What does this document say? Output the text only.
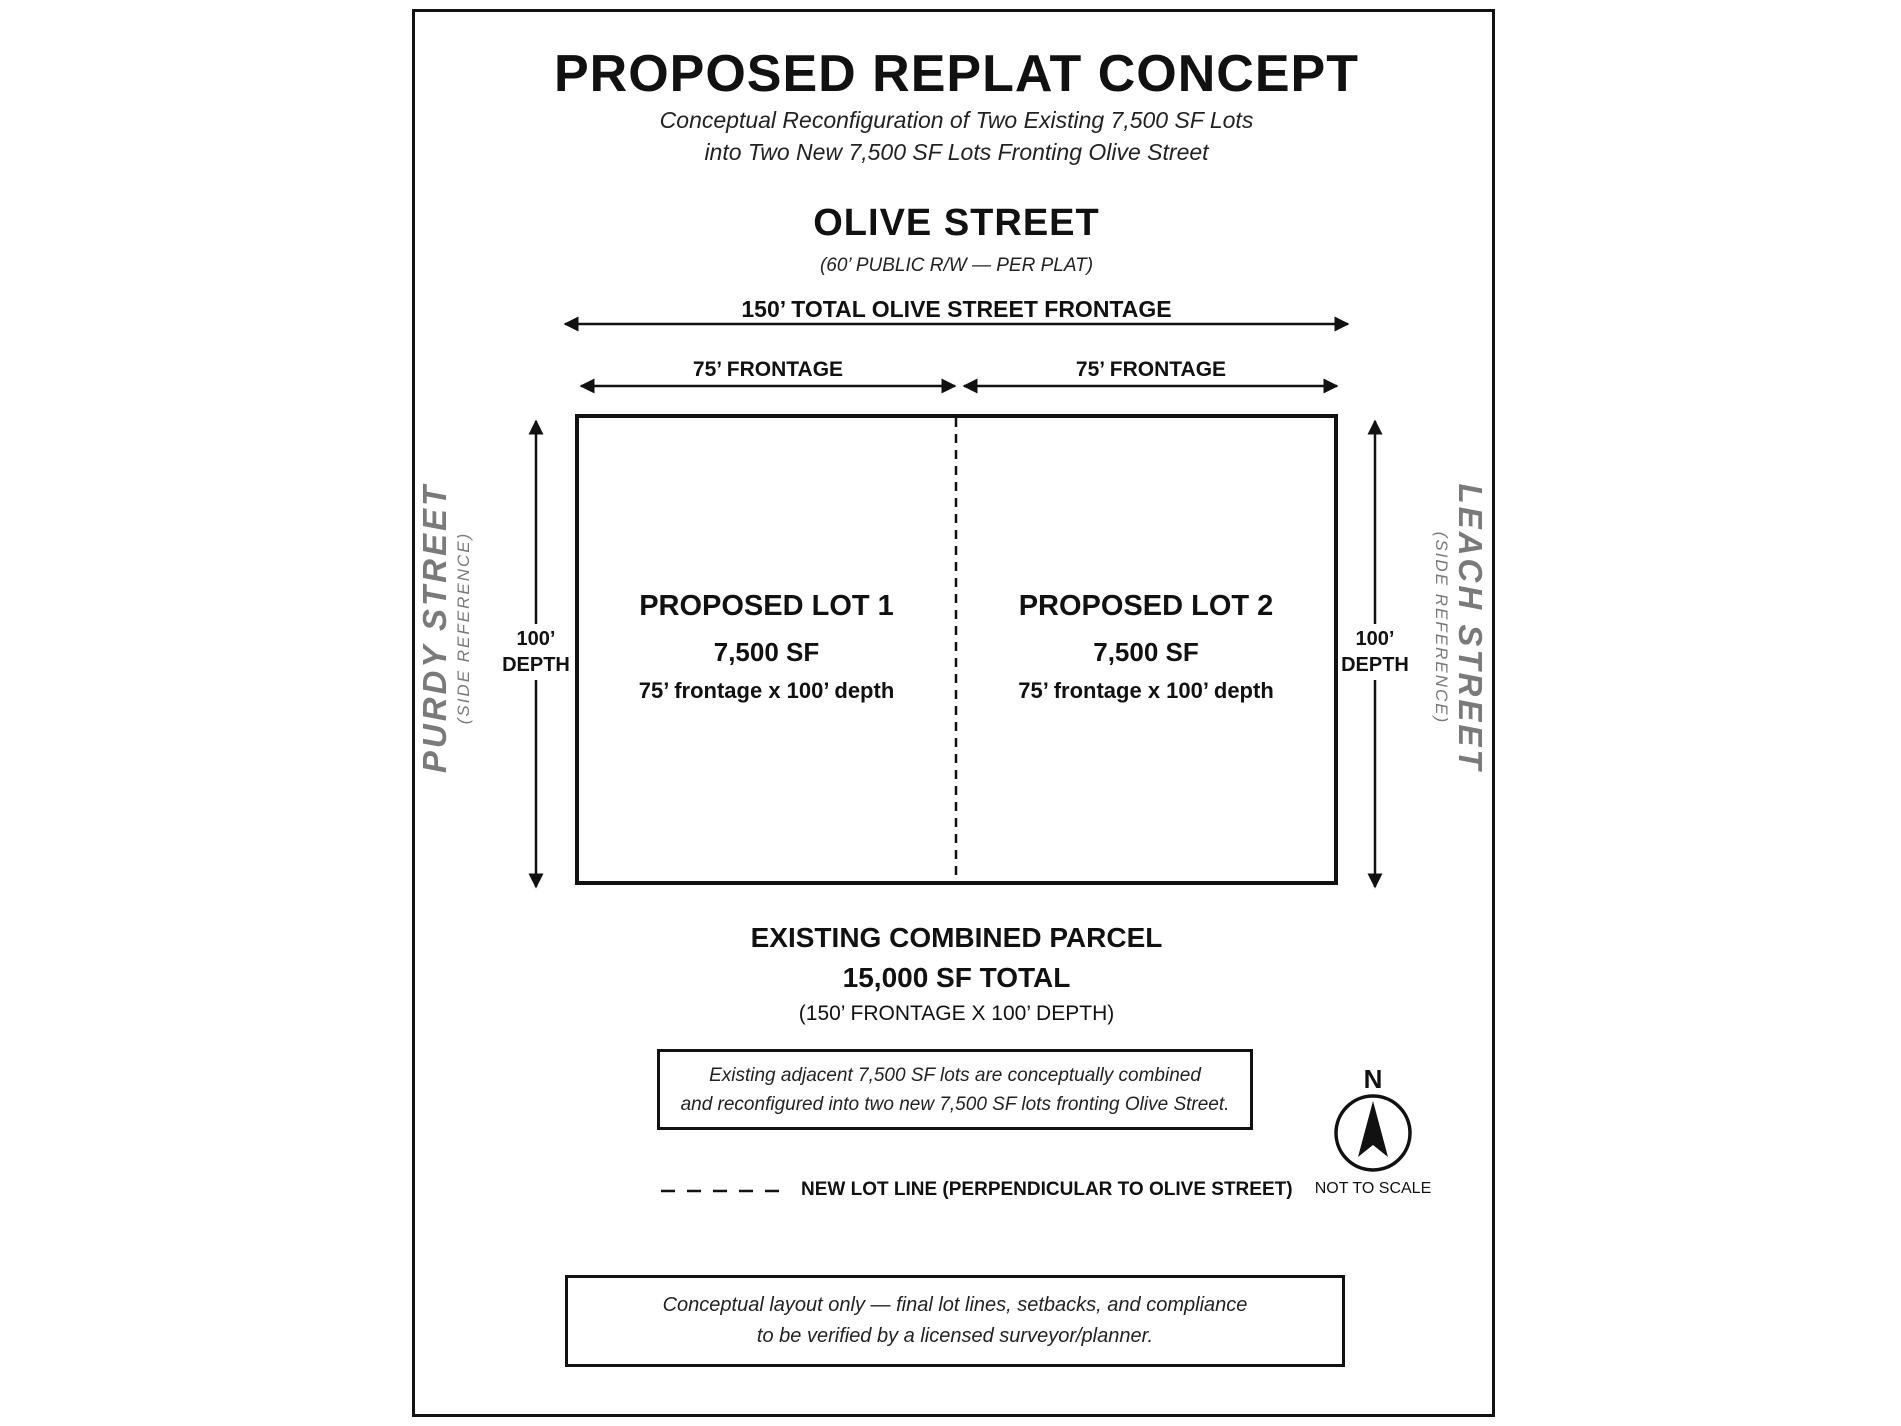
PROPOSED REPLAT CONCEPT
Conceptual Reconfiguration of Two Existing 7,500 SF Lots
into Two New 7,500 SF Lots Fronting Olive Street
OLIVE STREET
(60’ PUBLIC R/W — PER PLAT)
150’ TOTAL OLIVE STREET FRONTAGE
75’ FRONTAGE	75’ FRONTAGE
100’
DEPTH
100’
DEPTH
PURDY STREET (SIDE REFERENCE)	LEACH STREET
(SIDE REFERENCE)
PROPOSED LOT 1
7,500 SF
75’ frontage x 100’ depth
PROPOSED LOT 2
7,500 SF
75’ frontage x 100’ depth
EXISTING COMBINED PARCEL
15,000 SF TOTAL
(150’ FRONTAGE X 100’ DEPTH)
Existing adjacent 7,500 SF lots are conceptually combined
and reconfigured into two new 7,500 SF lots fronting Olive Street.
NEW LOT LINE (PERPENDICULAR TO OLIVE STREET)
N
NOT TO SCALE
Conceptual layout only — final lot lines, setbacks, and compliance
to be verified by a licensed surveyor/planner.
